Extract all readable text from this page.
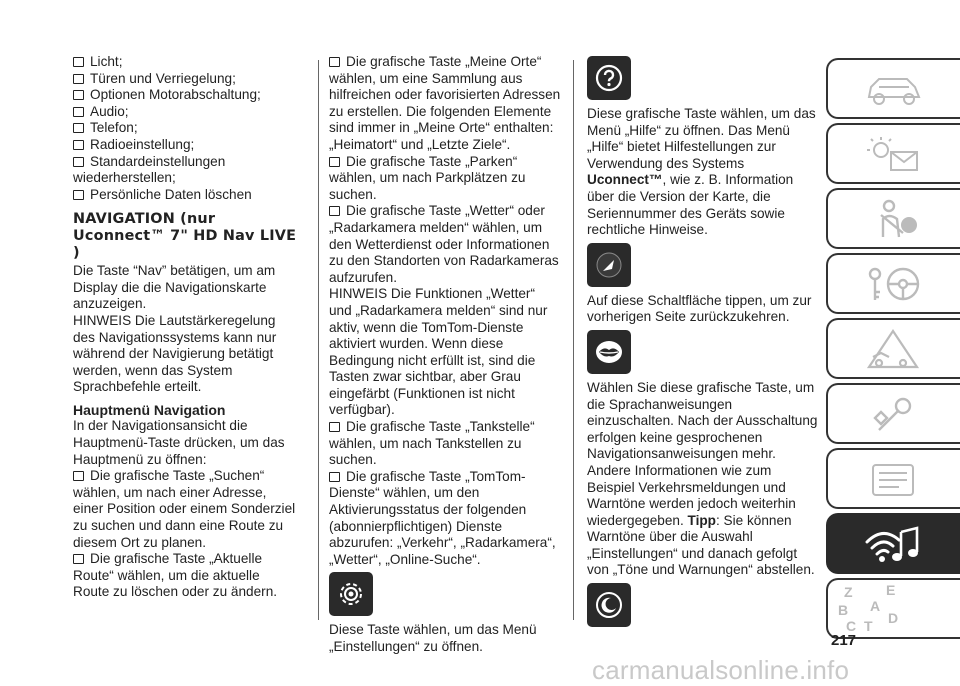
Licht;

Türen und Verriegelung;

Optionen Motorabschaltung;

Audio;

Telefon;

Radioeinstellung;

Standardeinstellungen

wiederherstellen;

Persönliche Daten löschen

NAVIGATION (nur Uconnect™ 7" HD Nav LIVE )

Die Taste “Nav” betätigen, um am Display die die Navigationskarte anzuzeigen.

HINWEIS Die Lautstärkeregelung des Navigationssystems kann nur während der Navigierung betätigt werden, wenn das System Sprachbefehle erteilt.

Hauptmenü Navigation

In der Navigationsansicht die Hauptmenü-Taste drücken, um das Hauptmenü zu öffnen:

Die grafische Taste „Suchen“ wählen, um nach einer Adresse, einer Position oder einem Sonderziel zu suchen und dann eine Route zu diesem Ort zu planen.

Die grafische Taste „Aktuelle Route“ wählen, um die aktuelle Route zu löschen oder zu ändern.

Die grafische Taste „Meine Orte“ wählen, um eine Sammlung aus hilfreichen oder favorisierten Adressen zu erstellen. Die folgenden Elemente sind immer in „Meine Orte“ enthalten: „Heimatort“ und „Letzte Ziele“.

Die grafische Taste „Parken“ wählen, um nach Parkplätzen zu suchen.

Die grafische Taste „Wetter“ oder „Radarkamera melden“ wählen, um den Wetterdienst oder Informationen zu den Standorten von Radarkameras aufzurufen.

HINWEIS Die Funktionen „Wetter“ und „Radarkamera melden“ sind nur aktiv, wenn die TomTom-Dienste aktiviert wurden. Wenn diese Bedingung nicht erfüllt ist, sind die Tasten zwar sichtbar, aber Grau eingefärbt (Funktionen ist nicht verfügbar).

Die grafische Taste „Tankstelle“ wählen, um nach Tankstellen zu suchen.

Die grafische Taste „TomTom-Dienste“ wählen, um den Aktivierungsstatus der folgenden (abonnierpflichtigen) Dienste abzurufen: „Verkehr“, „Radarkamera“, „Wetter“, „Online-Suche“.

Diese Taste wählen, um das Menü „Einstellungen“ zu öffnen.

Diese grafische Taste wählen, um das Menü „Hilfe“ zu öffnen. Das Menü „Hilfe“ bietet Hilfestellungen zur Verwendung des Systems Uconnect™, wie z. B. Information über die Version der Karte, die Seriennummer des Geräts sowie rechtliche Hinweise.

Auf diese Schaltfläche tippen, um zur vorherigen Seite zurückzukehren.

Wählen Sie diese grafische Taste, um die Sprachanweisungen einzuschalten. Nach der Ausschaltung erfolgen keine gesprochenen Navigationsanweisungen mehr. Andere Informationen wie zum Beispiel Verkehrsmeldungen und Warntöne werden jedoch weiterhin wiedergegeben. Tipp: Sie können Warntöne über die Auswahl „Einstellungen“ und danach gefolgt von „Töne und Warnungen“ abstellen.

Z E
B A
C T D
217
carmanualsonline.info
